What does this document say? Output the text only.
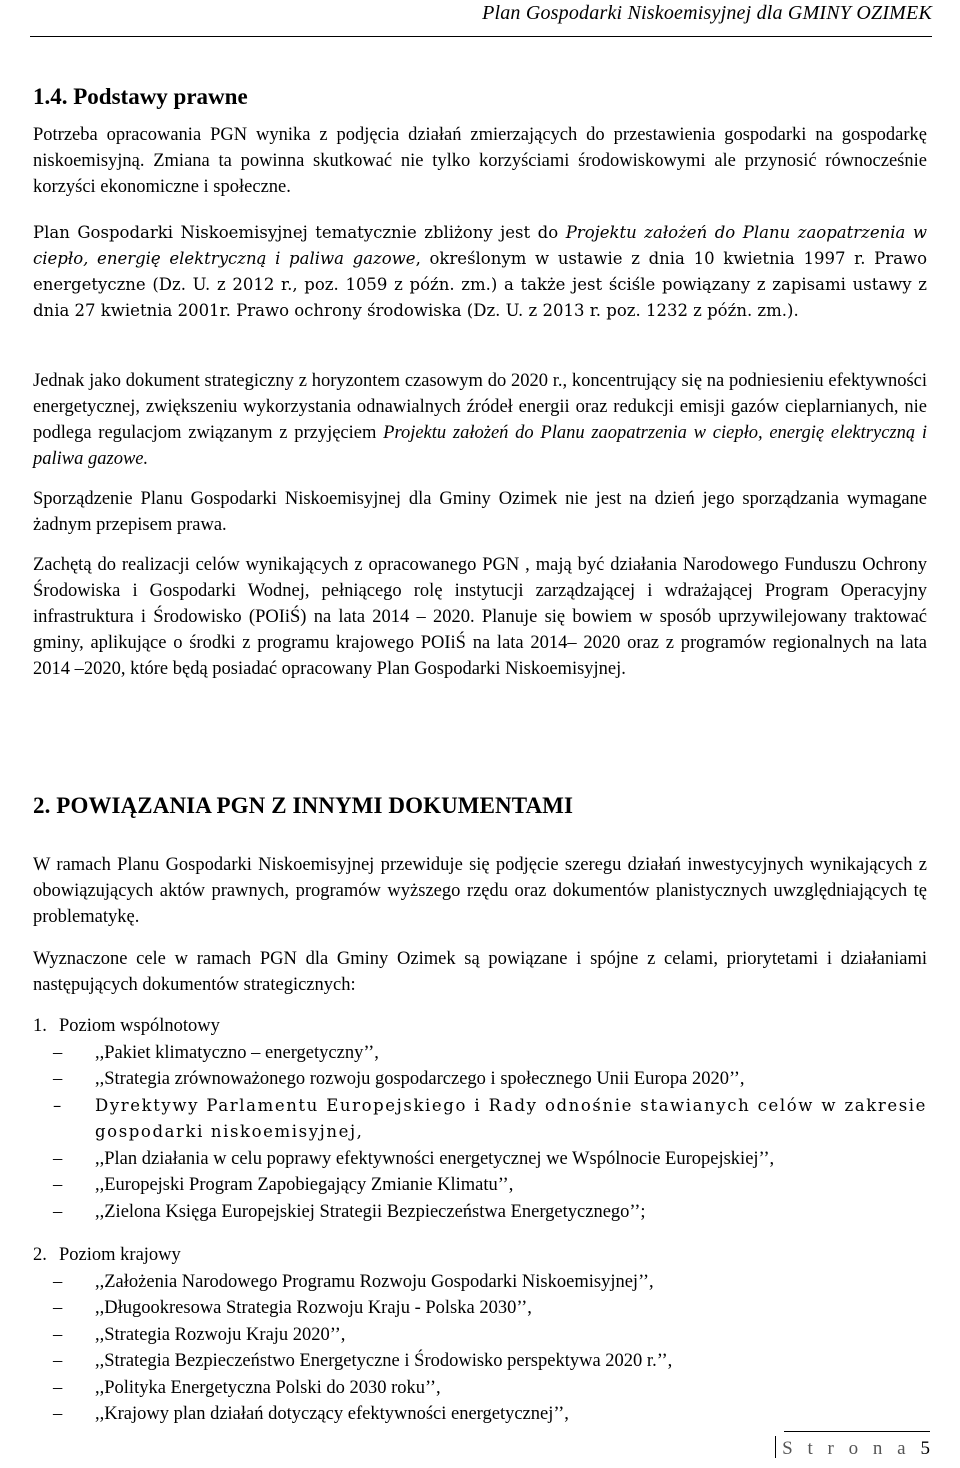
Plan Gospodarki Niskoemisyjnej dla GMINY OZIMEK
1.4. Podstawy prawne

Potrzeba opracowania PGN wynika z podjęcia działań zmierzających do przestawienia gospodarki na gospodarkę niskoemisyjną. Zmiana ta powinna skutkować nie tylko korzyściami środowiskowymi ale przynosić równocześnie korzyści ekonomiczne i społeczne.

Plan Gospodarki Niskoemisyjnej tematycznie zbliżony jest do Projektu założeń do Planu zaopatrzenia w ciepło, energię elektryczną i paliwa gazowe, określonym w ustawie z dnia 10 kwietnia 1997 r. Prawo energetyczne (Dz. U. z 2012 r., poz. 1059 z późn. zm.) a także jest ściśle powiązany z zapisami ustawy z dnia 27 kwietnia 2001r. Prawo ochrony środowiska (Dz. U. z 2013 r. poz. 1232 z późn. zm.).

Jednak jako dokument strategiczny z horyzontem czasowym do 2020 r., koncentrujący się na podniesieniu efektywności energetycznej, zwiększeniu wykorzystania odnawialnych źródeł energii oraz redukcji emisji gazów cieplarnianych, nie podlega regulacjom związanym z przyjęciem Projektu założeń do Planu zaopatrzenia w ciepło, energię elektryczną i paliwa gazowe.

Sporządzenie Planu Gospodarki Niskoemisyjnej dla Gminy Ozimek nie jest na dzień jego sporządzania wymagane żadnym przepisem prawa.

Zachętą do realizacji celów wynikających z opracowanego PGN , mają być działania Narodowego Funduszu Ochrony Środowiska i Gospodarki Wodnej, pełniącego rolę instytucji zarządzającej i wdrażającej Program Operacyjny infrastruktura i Środowisko (POIiŚ) na lata 2014 – 2020. Planuje się bowiem w sposób uprzywilejowany traktować gminy, aplikujące o środki z programu krajowego POIiŚ na lata 2014– 2020 oraz z programów regionalnych na lata 2014 –2020, które będą posiadać opracowany Plan Gospodarki Niskoemisyjnej.

2. POWIĄZANIA PGN Z INNYMI DOKUMENTAMI

W ramach Planu Gospodarki Niskoemisyjnej przewiduje się podjęcie szeregu działań inwestycyjnych wynikających z obowiązujących aktów prawnych, programów wyższego rzędu oraz dokumentów planistycznych uwzględniających tę problematykę.

Wyznaczone cele w ramach PGN dla Gminy Ozimek są powiązane i spójne z celami, priorytetami i działaniami następujących dokumentów strategicznych:

1. Poziom wspólnotowy
– ,,Pakiet klimatyczno – energetyczny’’,
– ,,Strategia zrównoważonego rozwoju gospodarczego i społecznego Unii Europa 2020’’,
– Dyrektywy Parlamentu Europejskiego i Rady odnośnie stawianych celów w zakresie gospodarki niskoemisyjnej,
– ,,Plan działania w celu poprawy efektywności energetycznej we Wspólnocie Europejskiej’’,
– ,,Europejski Program Zapobiegający Zmianie Klimatu’’,
– ,,Zielona Księga Europejskiej Strategii Bezpieczeństwa Energetycznego’’;
2. Poziom krajowy
– ,,Założenia Narodowego Programu Rozwoju Gospodarki Niskoemisyjnej’’,
– ,,Długookresowa Strategia Rozwoju Kraju - Polska 2030’’,
– ,,Strategia Rozwoju Kraju 2020’’,
– ,,Strategia Bezpieczeństwo Energetyczne i Środowisko perspektywa 2020 r.’’,
– ,,Polityka Energetyczna Polski do 2030 roku’’,
– ,,Krajowy plan działań dotyczący efektywności energetycznej’’,
S t r o n a 5
